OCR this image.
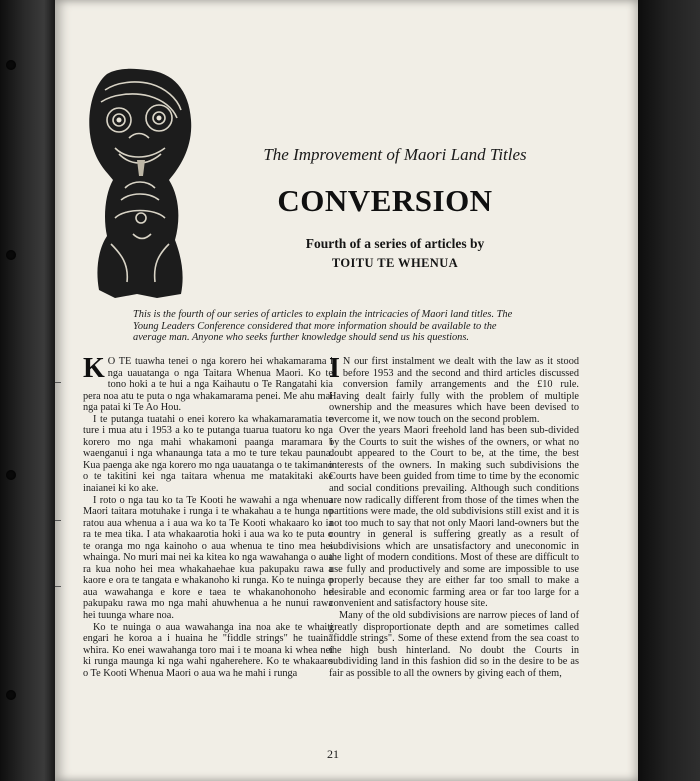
The Improvement of Maori Land Titles
CONVERSION
Fourth of a series of articles by
TOITU TE WHENUA
This is the fourth of our series of articles to explain the intricacies of Maori land titles. The Young Leaders Conference considered that more information should be available to the average man. Anyone who seeks further knowledge should send us his questions.

K O TE tuawha tenei o nga korero hei whakamarama i nga uauatanga o nga Taitara Whenua Maori. Ko te tono hoki a te hui a nga Kaihautu o Te Rangatahi kia pera noa atu te puta o nga whakamarama penei. Me ahu mai nga patai ki Te Ao Hou.

I te putanga tuatahi o enei korero ka whakamaramatia te ture i mua atu i 1953 a ko te putanga tuarua tuatoru ko nga korero mo nga mahi whakamoni paanga maramara i waenganui i nga whanaunga tata a mo te ture tekau pauna. Kua paenga ake nga korero mo nga uauatanga o te takimano o te takitini kei nga taitara whenua me matakitaki ake inaianei ki ko ake.

I roto o nga tau ko ta Te Kooti he wawahi a nga whenua Maori taitara motuhake i runga i te whakahau a te hunga no ratou aua whenua a i aua wa ko ta Te Kooti whakaaro ko ia ra te mea tika. I ata whakaarotia hoki i aua wa ko te puta o te oranga mo nga kainoho o aua whenua te tino mea hei whainga. No muri mai nei ka kitea ko nga wawahanga o aua ra kua noho hei mea whakahaehae kua pakupaku rawa a kaore e ora te tangata e whakanoho ki runga. Ko te nuinga o aua wawahanga e kore e taea te whakanohonoho he pakupaku rawa mo nga mahi ahuwhenua a he nunui rawa hei tuunga whare noa.

Ko te nuinga o aua wawahanga ina noa ake te whaiti engari he koroa a i huaina he "fiddle strings" he tuaina whira. Ko enei wawahanga toro mai i te moana ki whea nei ki runga maunga ki nga wahi ngaherehere. Ko te whakaaro o Te Kooti Whenua Maori o aua wa he mahi i runga

I N our first instalment we dealt with the law as it stood before 1953 and the second and third articles discussed conversion family arrangements and the £10 rule. Having dealt fairly fully with the problem of multiple ownership and the measures which have been devised to overcome it, we now touch on the second problem.

Over the years Maori freehold land has been sub-divided by the Courts to suit the wishes of the owners, or what no doubt appeared to the Court to be, at the time, the best interests of the owners. In making such subdivisions the Courts have been guided from time to time by the economic and social conditions prevailing. Although such conditions are now radically different from those of the times when the partitions were made, the old subdivisions still exist and it is not too much to say that not only Maori land-owners but the country in general is suffering greatly as a result of subdivisions which are unsatisfactory and uneconomic in the light of modern conditions. Most of these are difficult to use fully and productively and some are impossible to use properly because they are either far too small to make a desirable and economic farming area or far too large for a convenient and satisfactory house site.

Many of the old subdivisions are narrow pieces of land of greatly disproportionate depth and are sometimes called "fiddle strings". Some of these extend from the sea coast to the high bush hinterland. No doubt the Courts in subdividing land in this fashion did so in the desire to be as fair as possible to all the owners by giving each of them,

21
